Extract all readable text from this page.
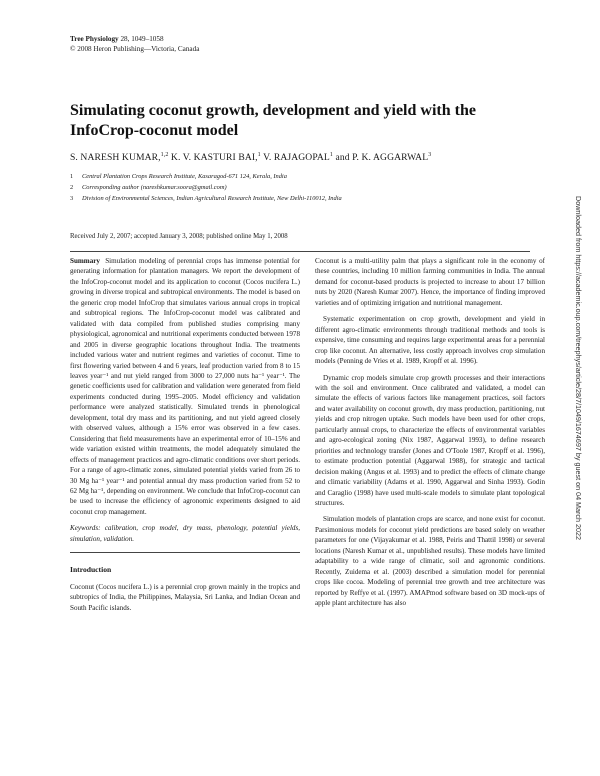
Tree Physiology 28, 1049–1058
© 2008 Heron Publishing—Victoria, Canada
Simulating coconut growth, development and yield with the InfoCrop-coconut model
S. NARESH KUMAR,$^{1,2}$ K. V. KASTURI BAI,$^1$ V. RAJAGOPAL$^1$ and P. K. AGGARWAL$^3$
1 Central Plantation Crops Research Institute, Kasaragod-671 124, Kerala, India
2 Corresponding author (nareshkumar.soora@gmail.com)
3 Division of Environmental Sciences, Indian Agricultural Research Institute, New Delhi-110012, India
Received July 2, 2007; accepted January 3, 2008; published online May 1, 2008

Summary Simulation modeling of perennial crops has immense potential for generating information for plantation managers. We report the development of the InfoCrop-coconut model and its application to coconut (Cocos nucifera L.) growing in diverse tropical and subtropical environments. The model is based on the generic crop model InfoCrop that simulates various annual crops in tropical and subtropical regions. The InfoCrop-coconut model was calibrated and validated with data compiled from published studies comprising many physiological, agronomical and nutritional experiments conducted between 1978 and 2005 in diverse geographic locations throughout India. The treatments included various water and nutrient regimes and varieties of coconut. Time to first flowering varied between 4 and 6 years, leaf production varied from 8 to 15 leaves year⁻¹ and nut yield ranged from 3000 to 27,000 nuts ha⁻¹ year⁻¹. The genetic coefficients used for calibration and validation were generated from field experiments conducted during 1995–2005. Model efficiency and validation performance were analyzed statistically. Simulated trends in phenological development, total dry mass and its partitioning, and nut yield agreed closely with observed values, although a 15% error was observed in a few cases. Considering that field measurements have an experimental error of 10–15% and wide variation existed within treatments, the model adequately simulated the effects of management practices and agro-climatic conditions over short periods. For a range of agro-climatic zones, simulated potential yields varied from 26 to 30 Mg ha⁻¹ year⁻¹ and potential annual dry mass production varied from 52 to 62 Mg ha⁻¹, depending on environment. We conclude that InfoCrop-coconut can be used to increase the efficiency of agronomic experiments designed to aid coconut crop management.

Keywords: calibration, crop model, dry mass, phenology, potential yields, simulation, validation.

Introduction

Coconut (Cocos nucifera L.) is a perennial crop grown mainly in the tropics and subtropics of India, the Philippines, Malaysia, Sri Lanka, and Indian Ocean and South Pacific islands.

Coconut is a multi-utility palm that plays a significant role in the economy of these countries, including 10 million farming communities in India. The annual demand for coconut-based products is projected to increase to about 17 billion nuts by 2020 (Naresh Kumar 2007). Hence, the importance of finding improved varieties and of optimizing irrigation and nutritional management.

Systematic experimentation on crop growth, development and yield in different agro-climatic environments through traditional methods and tools is expensive, time consuming and requires large experimental areas for a perennial crop like coconut. An alternative, less costly approach involves crop simulation models (Penning de Vries et al. 1989, Kropff et al. 1996).

Dynamic crop models simulate crop growth processes and their interactions with the soil and environment. Once calibrated and validated, a model can simulate the effects of various factors like management practices, soil factors and water availability on coconut growth, dry mass production, partitioning, nut yields and crop nitrogen uptake. Such models have been used for other crops, particularly annual crops, to characterize the effects of environmental variables and agro-ecological zoning (Nix 1987, Aggarwal 1993), to define research priorities and technology transfer (Jones and O'Toole 1987, Kropff et al. 1996), to estimate production potential (Aggarwal 1988), for strategic and tactical decision making (Angus et al. 1993) and to predict the effects of climate change and climatic variability (Adams et al. 1990, Aggarwal and Sinha 1993). Godin and Caraglio (1998) have used multi-scale models to simulate plant topological structures.

Simulation models of plantation crops are scarce, and none exist for coconut. Parsimonious models for coconut yield predictions are based solely on weather parameters for one (Vijayakumar et al. 1988, Peiris and Thattil 1998) or several locations (Naresh Kumar et al., unpublished results). These models have limited adaptability to a wide range of climatic, soil and agronomic conditions. Recently, Zuidema et al. (2003) described a simulation model for perennial crops like cocoa. Modeling of perennial tree growth and tree architecture was reported by Reffye et al. (1997). AMAPmod software based on 3D mock-ups of apple plant architecture has also

Downloaded from https://academic.oup.com/treephys/article/28/7/1049/1674697 by guest on 04 March 2022
